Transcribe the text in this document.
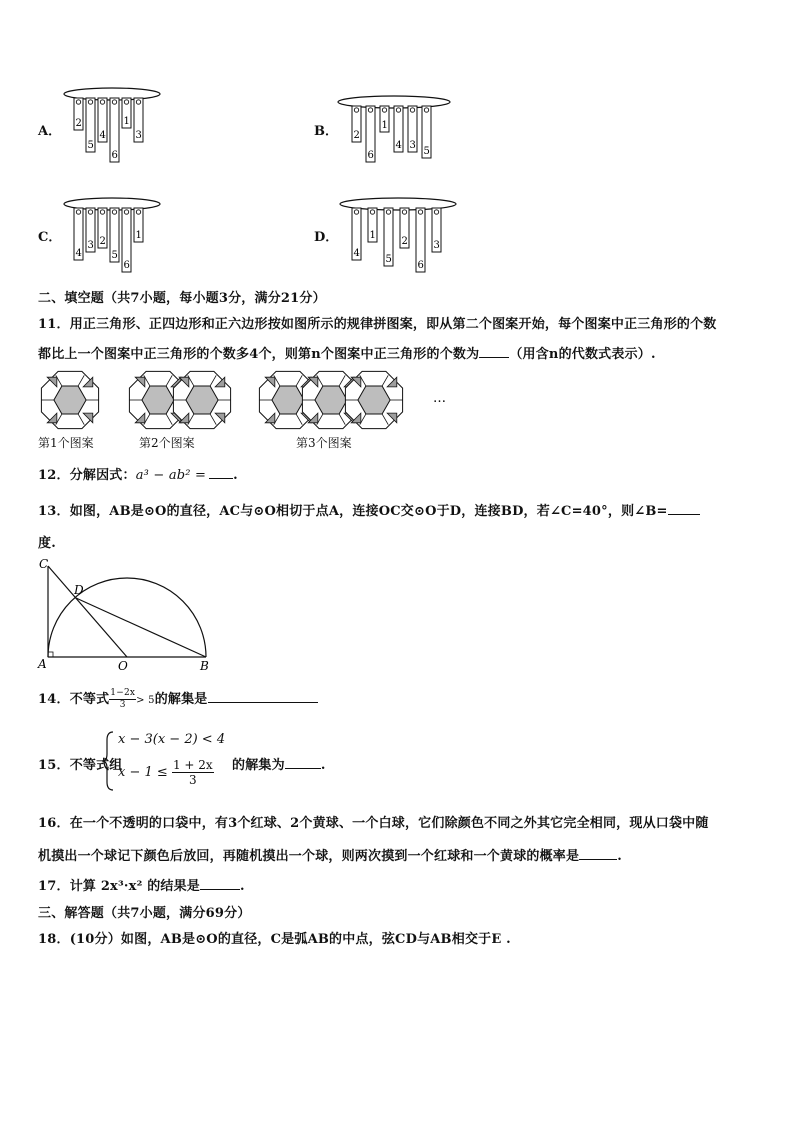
A．	B．
C．	D．
2
5
4
6
1
3	2
6
1
4 3
5
4
3 2
5
6
1
4
1
5
2
6
3
二、填空题（共7小题，每小题3分，满分21分）
11．用正三角形、正四边形和正六边形按如图所示的规律拼图案，即从第二个图案开始，每个图案中正三角形的个数
都比上一个图案中正三角形的个数多4个，则第n个图案中正三角形的个数为 （用含n的代数式表示）.
…
第1个图案	第2个图案	第3个图案
12．分解因式：a³ − ab² = .
13．如图，AB是⊙O的直径，AC与⊙O相切于点A，连接OC交⊙O于D，连接BD，若∠C=40°，则∠B=
度.
C
D
A	O	B
14．不等式 $\frac{1-2x}{3} > 5$的解集是
15．不等式组
x − 3(x − 2) < 4
$x - 1 \le \frac{1 + 2x}{3}$ 的解集为	.
16．在一个不透明的口袋中，有3个红球、2个黄球、一个白球，它们除颜色不同之外其它完全相同，现从口袋中随
机摸出一个球记下颜色后放回，再随机摸出一个球，则两次摸到一个红球和一个黄球的概率是	.
17．计算 2x³·x² 的结果是	.
三、解答题（共7小题，满分69分）
18．(10分）如图，AB是⊙O的直径，C是弧AB的中点，弦CD与AB相交于E .
